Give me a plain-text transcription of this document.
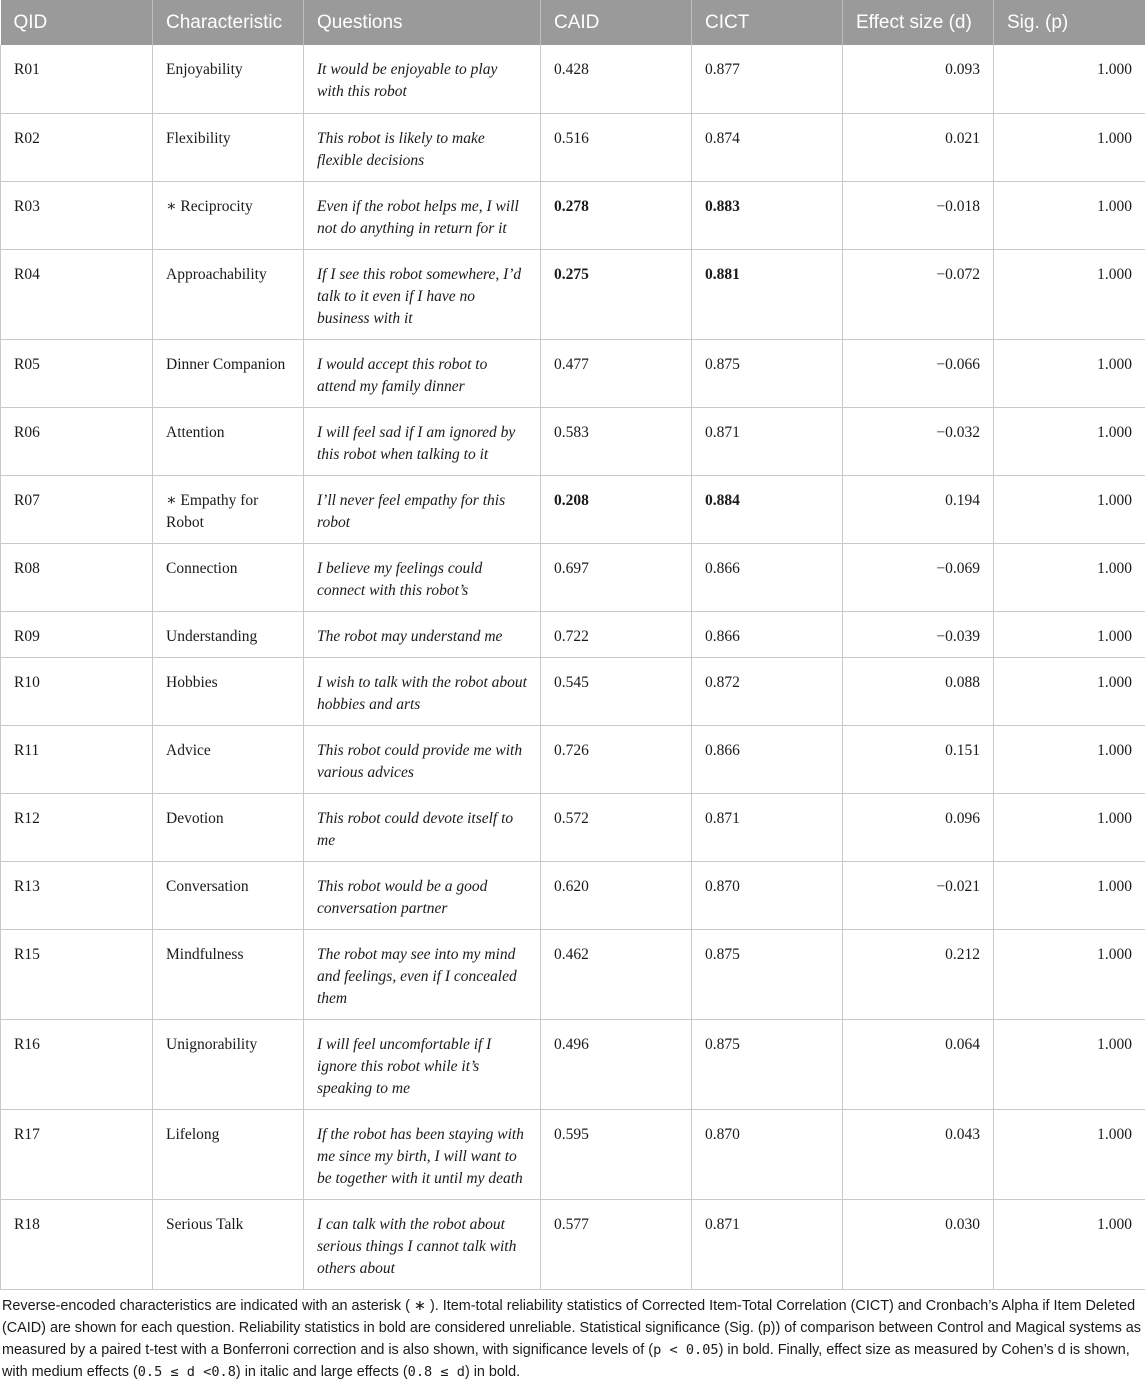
QID	Characteristic	Questions	CAID	CICT	Effect size (d)	Sig. (p)
R01	Enjoyability	It would be enjoyable to play with this robot	0.428	0.877	0.093	1.000
R02	Flexibility	This robot is likely to make flexible decisions	0.516	0.874	0.021	1.000
R03	∗ Reciprocity	Even if the robot helps me, I will not do anything in return for it	0.278	0.883	−0.018	1.000
R04	Approachability	If I see this robot somewhere, I’d talk to it even if I have no business with it	0.275	0.881	−0.072	1.000
R05	Dinner Companion	I would accept this robot to attend my family dinner	0.477	0.875	−0.066	1.000
R06	Attention	I will feel sad if I am ignored by this robot when talking to it	0.583	0.871	−0.032	1.000
R07	∗ Empathy for Robot	I’ll never feel empathy for this robot	0.208	0.884	0.194	1.000
R08	Connection	I believe my feelings could connect with this robot’s	0.697	0.866	−0.069	1.000
R09	Understanding	The robot may understand me	0.722	0.866	−0.039	1.000
R10	Hobbies	I wish to talk with the robot about hobbies and arts	0.545	0.872	0.088	1.000
R11	Advice	This robot could provide me with various advices	0.726	0.866	0.151	1.000
R12	Devotion	This robot could devote itself to me	0.572	0.871	0.096	1.000
R13	Conversation	This robot would be a good conversation partner	0.620	0.870	−0.021	1.000
R15	Mindfulness	The robot may see into my mind and feelings, even if I concealed them	0.462	0.875	0.212	1.000
R16	Unignorability	I will feel uncomfortable if I ignore this robot while it’s speaking to me	0.496	0.875	0.064	1.000
R17	Lifelong	If the robot has been staying with me since my birth, I will want to be together with it until my death	0.595	0.870	0.043	1.000
R18	Serious Talk	I can talk with the robot about serious things I cannot talk with others about	0.577	0.871	0.030	1.000
Reverse-encoded characteristics are indicated with an asterisk ( ∗ ). Item-total reliability statistics of Corrected Item-Total Correlation (CICT) and Cronbach’s Alpha if Item Deleted (CAID) are shown for each question. Reliability statistics in bold are considered unreliable. Statistical significance (Sig. (p)) of comparison between Control and Magical systems as measured by a paired t-test with a Bonferroni correction and is also shown, with significance levels of (p < 0.05) in bold. Finally, effect size as measured by Cohen’s d is shown, with medium effects (0.5 ≤ d <0.8) in italic and large effects (0.8 ≤ d) in bold.
